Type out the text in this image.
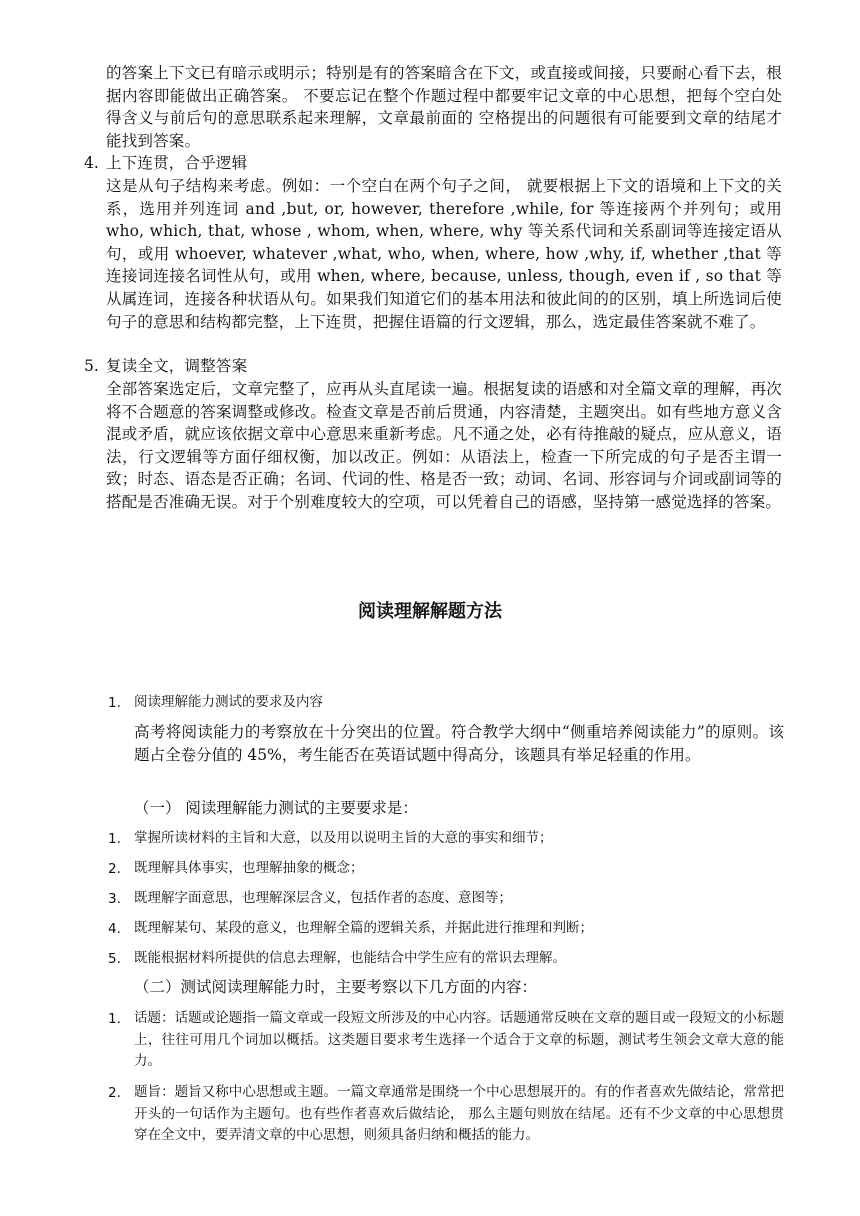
的答案上下文已有暗示或明示；特别是有的答案暗含在下文，或直接或间接，只要耐心看下去，根据内容即能做出正确答案。 不要忘记在整个作题过程中都要牢记文章的中心思想，把每个空白处得含义与前后句的意思联系起来理解，文章最前面的 空格提出的问题很有可能要到文章的结尾才能找到答案。

4. 上下连贯，合乎逻辑

这是从句子结构来考虑。例如：一个空白在两个句子之间， 就要根据上下文的语境和上下文的关系，选用并列连词 and ,but, or, however, therefore ,while, for 等连接两个并列句；或用 who, which, that, whose , whom, when, where, why 等关系代词和关系副词等连接定语从句，或用 whoever, whatever ,what, who, when, where, how ,why, if, whether ,that 等连接词连接名词性从句，或用 when, where, because, unless, though, even if , so that 等从属连词，连接各种状语从句。如果我们知道它们的基本用法和彼此间的的区别，填上所选词后使句子的意思和结构都完整，上下连贯，把握住语篇的行文逻辑，那么，选定最佳答案就不难了。

5. 复读全文，调整答案

全部答案选定后，文章完整了，应再从头直尾读一遍。根据复读的语感和对全篇文章的理解，再次将不合题意的答案调整或修改。检查文章是否前后贯通，内容清楚，主题突出。如有些地方意义含混或矛盾，就应该依据文章中心意思来重新考虑。凡不通之处，必有待推敲的疑点，应从意义，语法，行文逻辑等方面仔细权衡，加以改正。例如：从语法上，检查一下所完成的句子是否主谓一致；时态、语态是否正确；名词、代词的性、格是否一致；动词、名词、形容词与介词或副词等的搭配是否准确无误。对于个别难度较大的空项，可以凭着自己的语感，坚持第一感觉选择的答案。

阅读理解解题方法
1. 阅读理解能力测试的要求及内容

高考将阅读能力的考察放在十分突出的位置。符合教学大纲中“侧重培养阅读能力”的原则。该题占全卷分值的 45%，考生能否在英语试题中得高分，该题具有举足轻重的作用。

（一） 阅读理解能力测试的主要要求是：

1. 掌握所读材料的主旨和大意，以及用以说明主旨的大意的事实和细节；

2. 既理解具体事实，也理解抽象的概念；

3. 既理解字面意思，也理解深层含义，包括作者的态度、意图等；

4. 既理解某句、某段的意义，也理解全篇的逻辑关系，并据此进行推理和判断；

5. 既能根据材料所提供的信息去理解，也能结合中学生应有的常识去理解。

（二）测试阅读理解能力时，主要考察以下几方面的内容：

1. 话题：话题或论题指一篇文章或一段短文所涉及的中心内容。话题通常反映在文章的题目或一段短文的小标题上，往往可用几个词加以概括。这类题目要求考生选择一个适合于文章的标题，测试考生领会文章大意的能力。

2. 题旨：题旨又称中心思想或主题。一篇文章通常是围绕一个中心思想展开的。有的作者喜欢先做结论，常常把开头的一句话作为主题句。也有些作者喜欢后做结论， 那么主题句则放在结尾。还有不少文章的中心思想贯穿在全文中，要弄清文章的中心思想，则须具备归纳和概括的能力。
